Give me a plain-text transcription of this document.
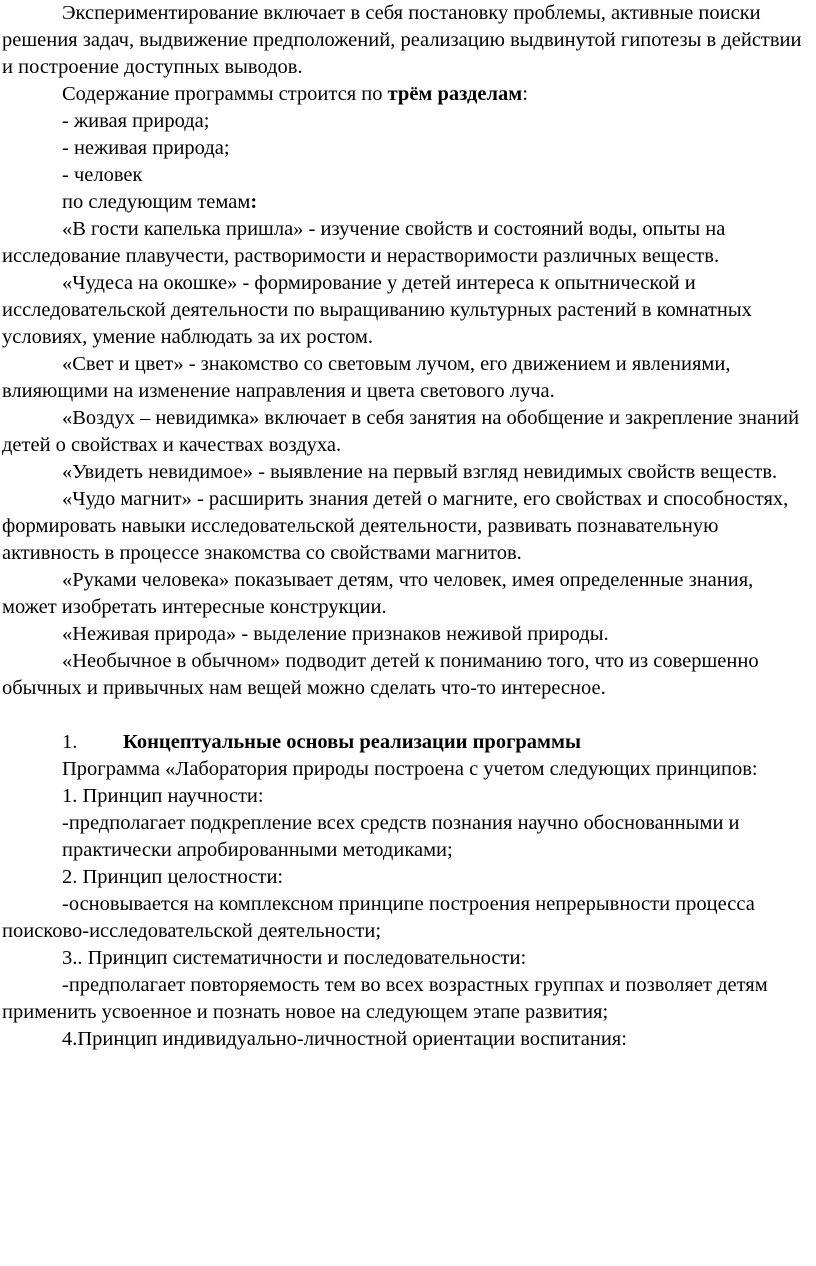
Экспериментирование включает в себя постановку проблемы, активные поиски решения задач, выдвижение предположений, реализацию выдвинутой гипотезы в действии и построение доступных выводов.

Содержание программы строится по трём разделам:

- живая природа;

- неживая природа;

- человек

по следующим темам:

«В гости капелька пришла» - изучение свойств и состояний воды, опыты на исследование плавучести, растворимости и нерастворимости различных веществ.

«Чудеса на окошке» - формирование у детей интереса к опытнической и исследовательской деятельности по выращиванию культурных растений в комнатных условиях, умение наблюдать за их ростом.

«Свет и цвет» - знакомство со световым лучом, его движением и явлениями, влияющими на изменение направления и цвета светового луча.

«Воздух – невидимка» включает в себя занятия на обобщение и закрепление знаний детей о свойствах и качествах воздуха.

«Увидеть невидимое» - выявление на первый взгляд невидимых свойств веществ.

«Чудо магнит» - расширить знания детей о магните, его свойствах и способностях, формировать навыки исследовательской деятельности, развивать познавательную активность в процессе знакомства со свойствами магнитов.

«Руками человека» показывает детям, что человек, имея определенные знания, может изобретать интересные конструкции.

«Неживая природа» - выделение признаков неживой природы.

«Необычное в обычном» подводит детей к пониманию того, что из совершенно обычных и привычных нам вещей можно сделать что-то интересное.

1. Концептуальные основы реализации программы

Программа «Лаборатория природы построена с учетом следующих принципов:

1. Принцип научности:

-предполагает подкрепление всех средств познания научно обоснованными и практически апробированными методиками;

2. Принцип целостности:

-основывается на комплексном принципе построения непрерывности процесса поисково-исследовательской деятельности;

3.. Принцип систематичности и последовательности:

-предполагает повторяемость тем во всех возрастных группах и позволяет детям применить усвоенное и познать новое на следующем этапе развития;

4.Принцип индивидуально-личностной ориентации воспитания:
